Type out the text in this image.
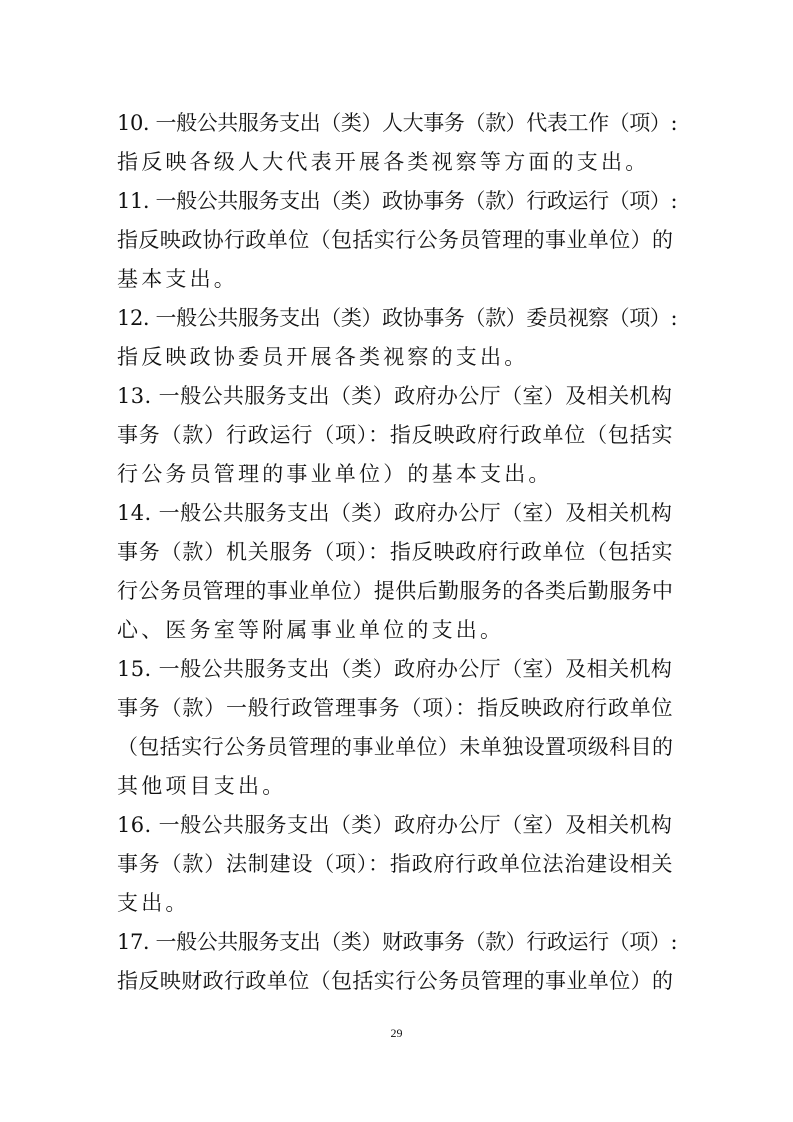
10. 一般公共服务支出（类）人大事务（款）代表工作（项）:
指反映各级人大代表开展各类视察等方面的支出。
11. 一般公共服务支出（类）政协事务（款）行政运行（项）:
指反映政协行政单位（包括实行公务员管理的事业单位）的
基本支出。
12. 一般公共服务支出（类）政协事务（款）委员视察（项）:
指反映政协委员开展各类视察的支出。
13. 一般公共服务支出（类）政府办公厅（室）及相关机构
事务（款）行政运行（项）：指反映政府行政单位（包括实
行公务员管理的事业单位）的基本支出。
14. 一般公共服务支出（类）政府办公厅（室）及相关机构
事务（款）机关服务（项）：指反映政府行政单位（包括实
行公务员管理的事业单位）提供后勤服务的各类后勤服务中
心、医务室等附属事业单位的支出。
15. 一般公共服务支出（类）政府办公厅（室）及相关机构
事务（款）一般行政管理事务（项）：指反映政府行政单位
（包括实行公务员管理的事业单位）未单独设置项级科目的
其他项目支出。
16. 一般公共服务支出（类）政府办公厅（室）及相关机构
事务（款）法制建设（项）：指政府行政单位法治建设相关
支出。
17. 一般公共服务支出（类）财政事务（款）行政运行（项）:
指反映财政行政单位（包括实行公务员管理的事业单位）的
29
